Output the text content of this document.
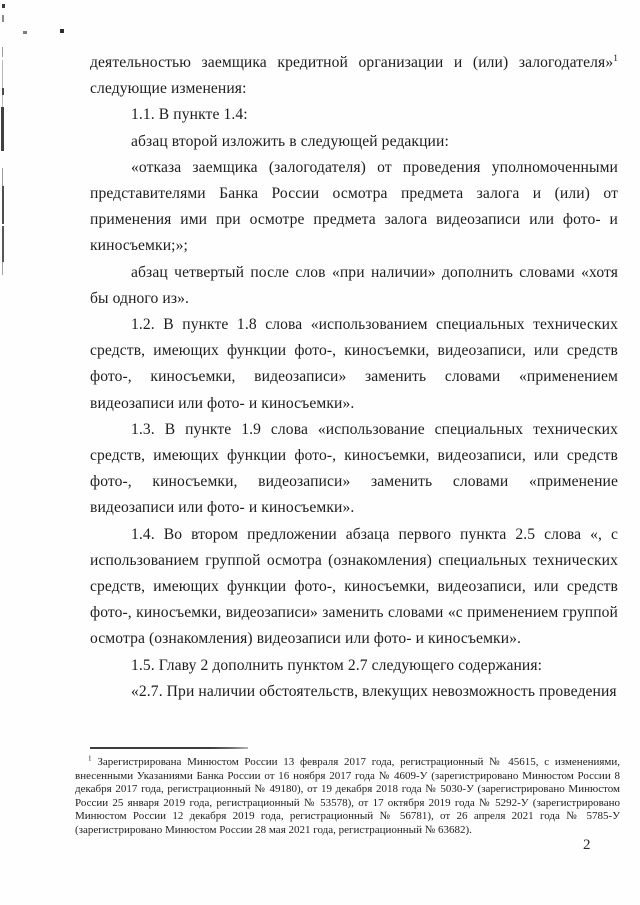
деятельностью заемщика кредитной организации и (или) залогодателя»$^1$ следующие изменения:

1.1. В пункте 1.4:

абзац второй изложить в следующей редакции:

«отказа заемщика (залогодателя) от проведения уполномоченными представителями Банка России осмотра предмета залога и (или) от применения ими при осмотре предмета залога видеозаписи или фото- и киносъемки;»;

абзац четвертый после слов «при наличии» дополнить словами «хотя бы одного из».

1.2. В пункте 1.8 слова «использованием специальных технических средств, имеющих функции фото-, киносъемки, видеозаписи, или средств фото-, киносъемки, видеозаписи» заменить словами «применением видеозаписи или фото- и киносъемки».

1.3. В пункте 1.9 слова «использование специальных технических средств, имеющих функции фото-, киносъемки, видеозаписи, или средств фото-, киносъемки, видеозаписи» заменить словами «применение видеозаписи или фото- и киносъемки».

1.4. Во втором предложении абзаца первого пункта 2.5 слова «, с использованием группой осмотра (ознакомления) специальных технических средств, имеющих функции фото-, киносъемки, видеозаписи, или средств фото-, киносъемки, видеозаписи» заменить словами «с применением группой осмотра (ознакомления) видеозаписи или фото- и киносъемки».

1.5. Главу 2 дополнить пунктом 2.7 следующего содержания:

«2.7. При наличии обстоятельств, влекущих невозможность проведения

$^1$ Зарегистрирована Минюстом России 13 февраля 2017 года, регистрационный № 45615, с изменениями, внесенными Указаниями Банка России от 16 ноября 2017 года № 4609-У (зарегистрировано Минюстом России 8 декабря 2017 года, регистрационный № 49180), от 19 декабря 2018 года № 5030-У (зарегистрировано Минюстом России 25 января 2019 года, регистрационный № 53578), от 17 октября 2019 года № 5292-У (зарегистрировано Минюстом России 12 декабря 2019 года, регистрационный № 56781), от 26 апреля 2021 года № 5785-У (зарегистрировано Минюстом России 28 мая 2021 года, регистрационный № 63682).

2
